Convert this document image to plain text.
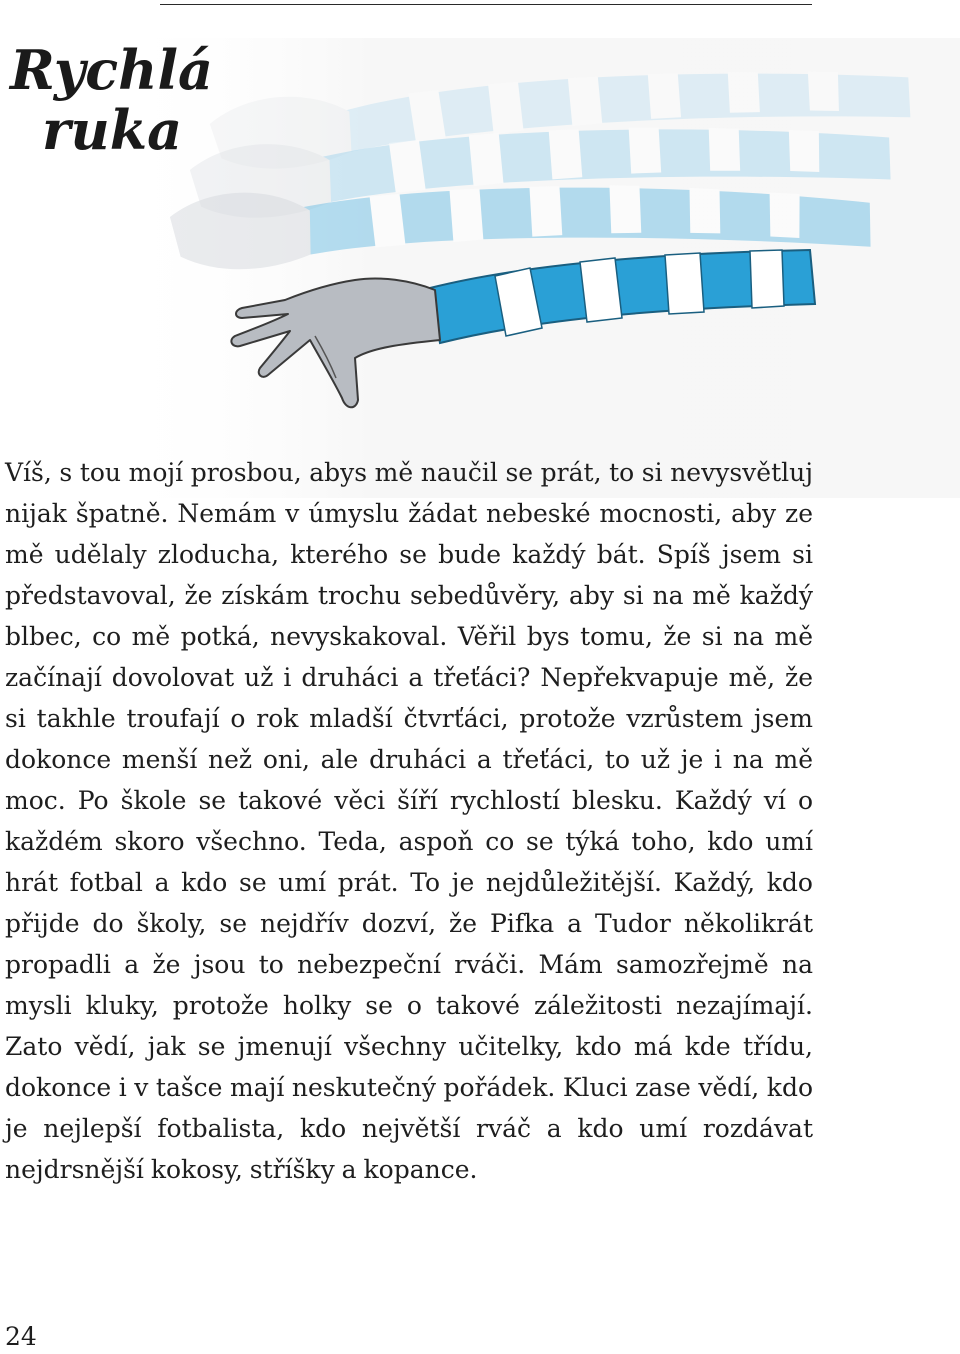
Rychlá
ruka

Víš, s tou mojí prosbou, abys mě naučil se prát, to si nevysvětluj nijak špatně. Nemám v úmyslu žádat nebeské mocnosti, aby ze mě udělaly zloducha, kterého se bude každý bát. Spíš jsem si představoval, že získám trochu sebedůvěry, aby si na mě každý blbec, co mě potká, nevyskakoval. Věřil bys tomu, že si na mě začínají dovolovat už i druháci a třeťáci? Nepřekvapuje mě, že si takhle troufají o rok mladší čtvrťáci, protože vzrůstem jsem dokonce menší než oni, ale druháci a třeťáci, to už je i na mě moc. Po škole se takové věci šíří rychlostí blesku. Každý ví o každém skoro všechno. Teda, aspoň co se týká toho, kdo umí hrát fotbal a kdo se umí prát. To je nejdůležitější. Každý, kdo přijde do školy, se nejdřív dozví, že Pifka a Tudor několikrát propadli a že jsou to nebezpeční rváči. Mám samozřejmě na mysli kluky, protože holky se o takové záležitosti nezajímají. Zato vědí, jak se jmenují všechny učitelky, kdo má kde třídu, dokonce i v tašce mají neskutečný pořádek. Kluci zase vědí, kdo je nejlepší fotbalista, kdo největší rváč a kdo umí rozdávat nejdrsnější kokosy, stříšky a kopance.

24
